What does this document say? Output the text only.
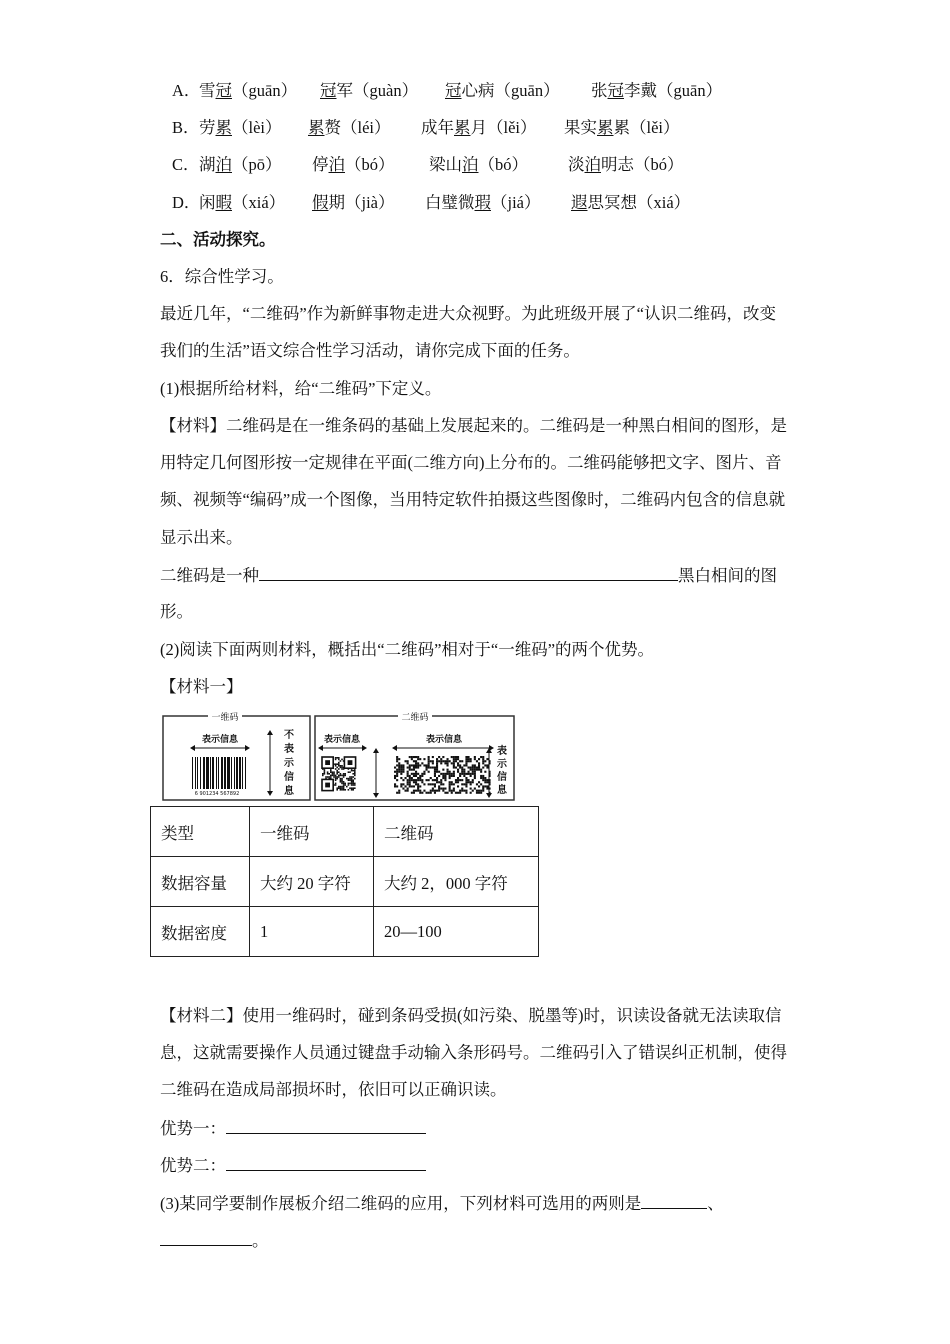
A．
雪冠（guān） 冠军（guàn） 冠心病（guān） 张冠李戴（guān）
B． 劳累（lèi） 累赘（léi） 成年累月（lěi） 果实累累（lěi）
C． 湖泊（pō） 停泊（bó） 梁山泊（bó） 淡泊明志（bó）
D．
闲暇（xiá） 假期（jià） 白璧微瑕（jiá） 遐思冥想（xiá）
二、活动探究。
6．综合性学习。
最近几年，“二维码”作为新鲜事物走进大众视野。为此班级开展了“认识二维码，改变
我们的生活”语文综合性学习活动，请你完成下面的任务。
(1)根据所给材料，给“二维码”下定义。
【材料】二维码是在一维条码的基础上发展起来的。二维码是一种黑白相间的图形，是
用特定几何图形按一定规律在平面(二维方向)上分布的。二维码能够把文字、图片、音
频、视频等“编码”成一个图像，当用特定软件拍摄这些图像时，二维码内包含的信息就
显示出来。
二维码是一种	黑白相间的图
形。
(2)阅读下面两则材料，概括出“二维码”相对于“一维码”的两个优势。
【材料一】
一维码
表示信息
6 901234 567892
不表示信息
二维码
表示信息	表示信息
表示信息
类型	一维码	二维码
数据容量	大约 20 字符	大约 2，000 字符
数据密度	1	20—100
【材料二】使用一维码时，碰到条码受损(如污染、脱墨等)时，识读设备就无法读取信
息，这就需要操作人员通过键盘手动输入条形码号。二维码引入了错误纠正机制，使得
二维码在造成局部损坏时，依旧可以正确识读。
优势一：
优势二：
(3)某同学要制作展板介绍二维码的应用，下列材料可选用的两则是	、
。
